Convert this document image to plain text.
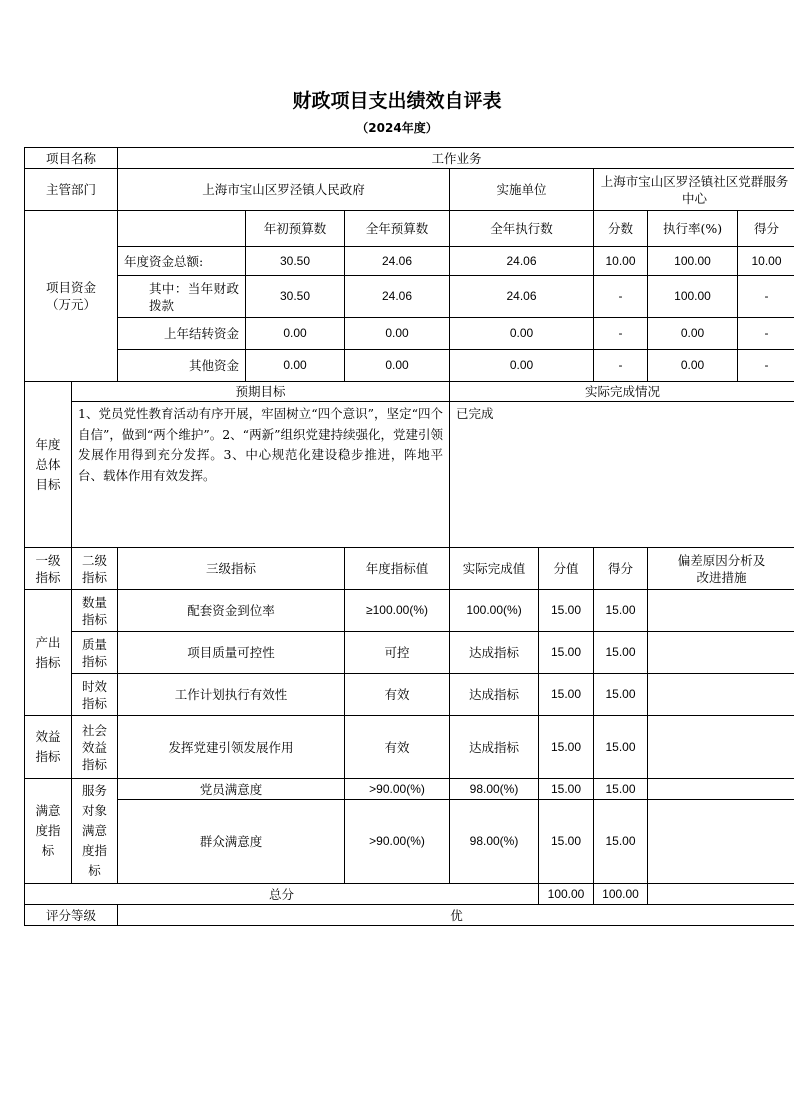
财政项目支出绩效自评表
（2024年度）
项目名称		工作业务							
主管部门		上海市宝山区罗泾镇人民政府			实施单位		上海市宝山区罗泾镇社区党群服务中心		
项目资金（万元）			年初预算数	全年预算数	全年执行数		分数	执行率(%)	得分
		年度资金总额:	30.50	24.06	24.06		10.00	100.00	10.00
		其中：当年财政拨款	30.50	24.06	24.06		-	100.00	-
		上年结转资金	0.00	0.00	0.00		-	0.00	-
		其他资金	0.00	0.00	0.00		-	0.00	-
年度总体目标	预期目标				实际完成情况				
	1、党员党性教育活动有序开展，牢固树立“四个意识”，坚定“四个自信”，做到“两个维护”。2、“两新”组织党建持续强化，党建引领发展作用得到充分发挥。3、中心规范化建设稳步推进，阵地平台、载体作用有效发挥。				已完成				
一级指标	二级指标	三级指标		年度指标值	实际完成值	分值	得分	偏差原因分析及改进措施	
产出指标	数量指标	配套资金到位率		≥100.00(%)	100.00(%)	15.00	15.00		
	质量指标	项目质量可控性		可控	达成指标	15.00	15.00		
	时效指标	工作计划执行有效性		有效	达成指标	15.00	15.00		
效益指标	社会效益指标	发挥党建引领发展作用		有效	达成指标	15.00	15.00		
满意度指标	服务对象满意度指标	党员满意度		>90.00(%)	98.00(%)	15.00	15.00		
		群众满意度		>90.00(%)	98.00(%)	15.00	15.00		
总分						100.00	100.00		
评分等级		优							
